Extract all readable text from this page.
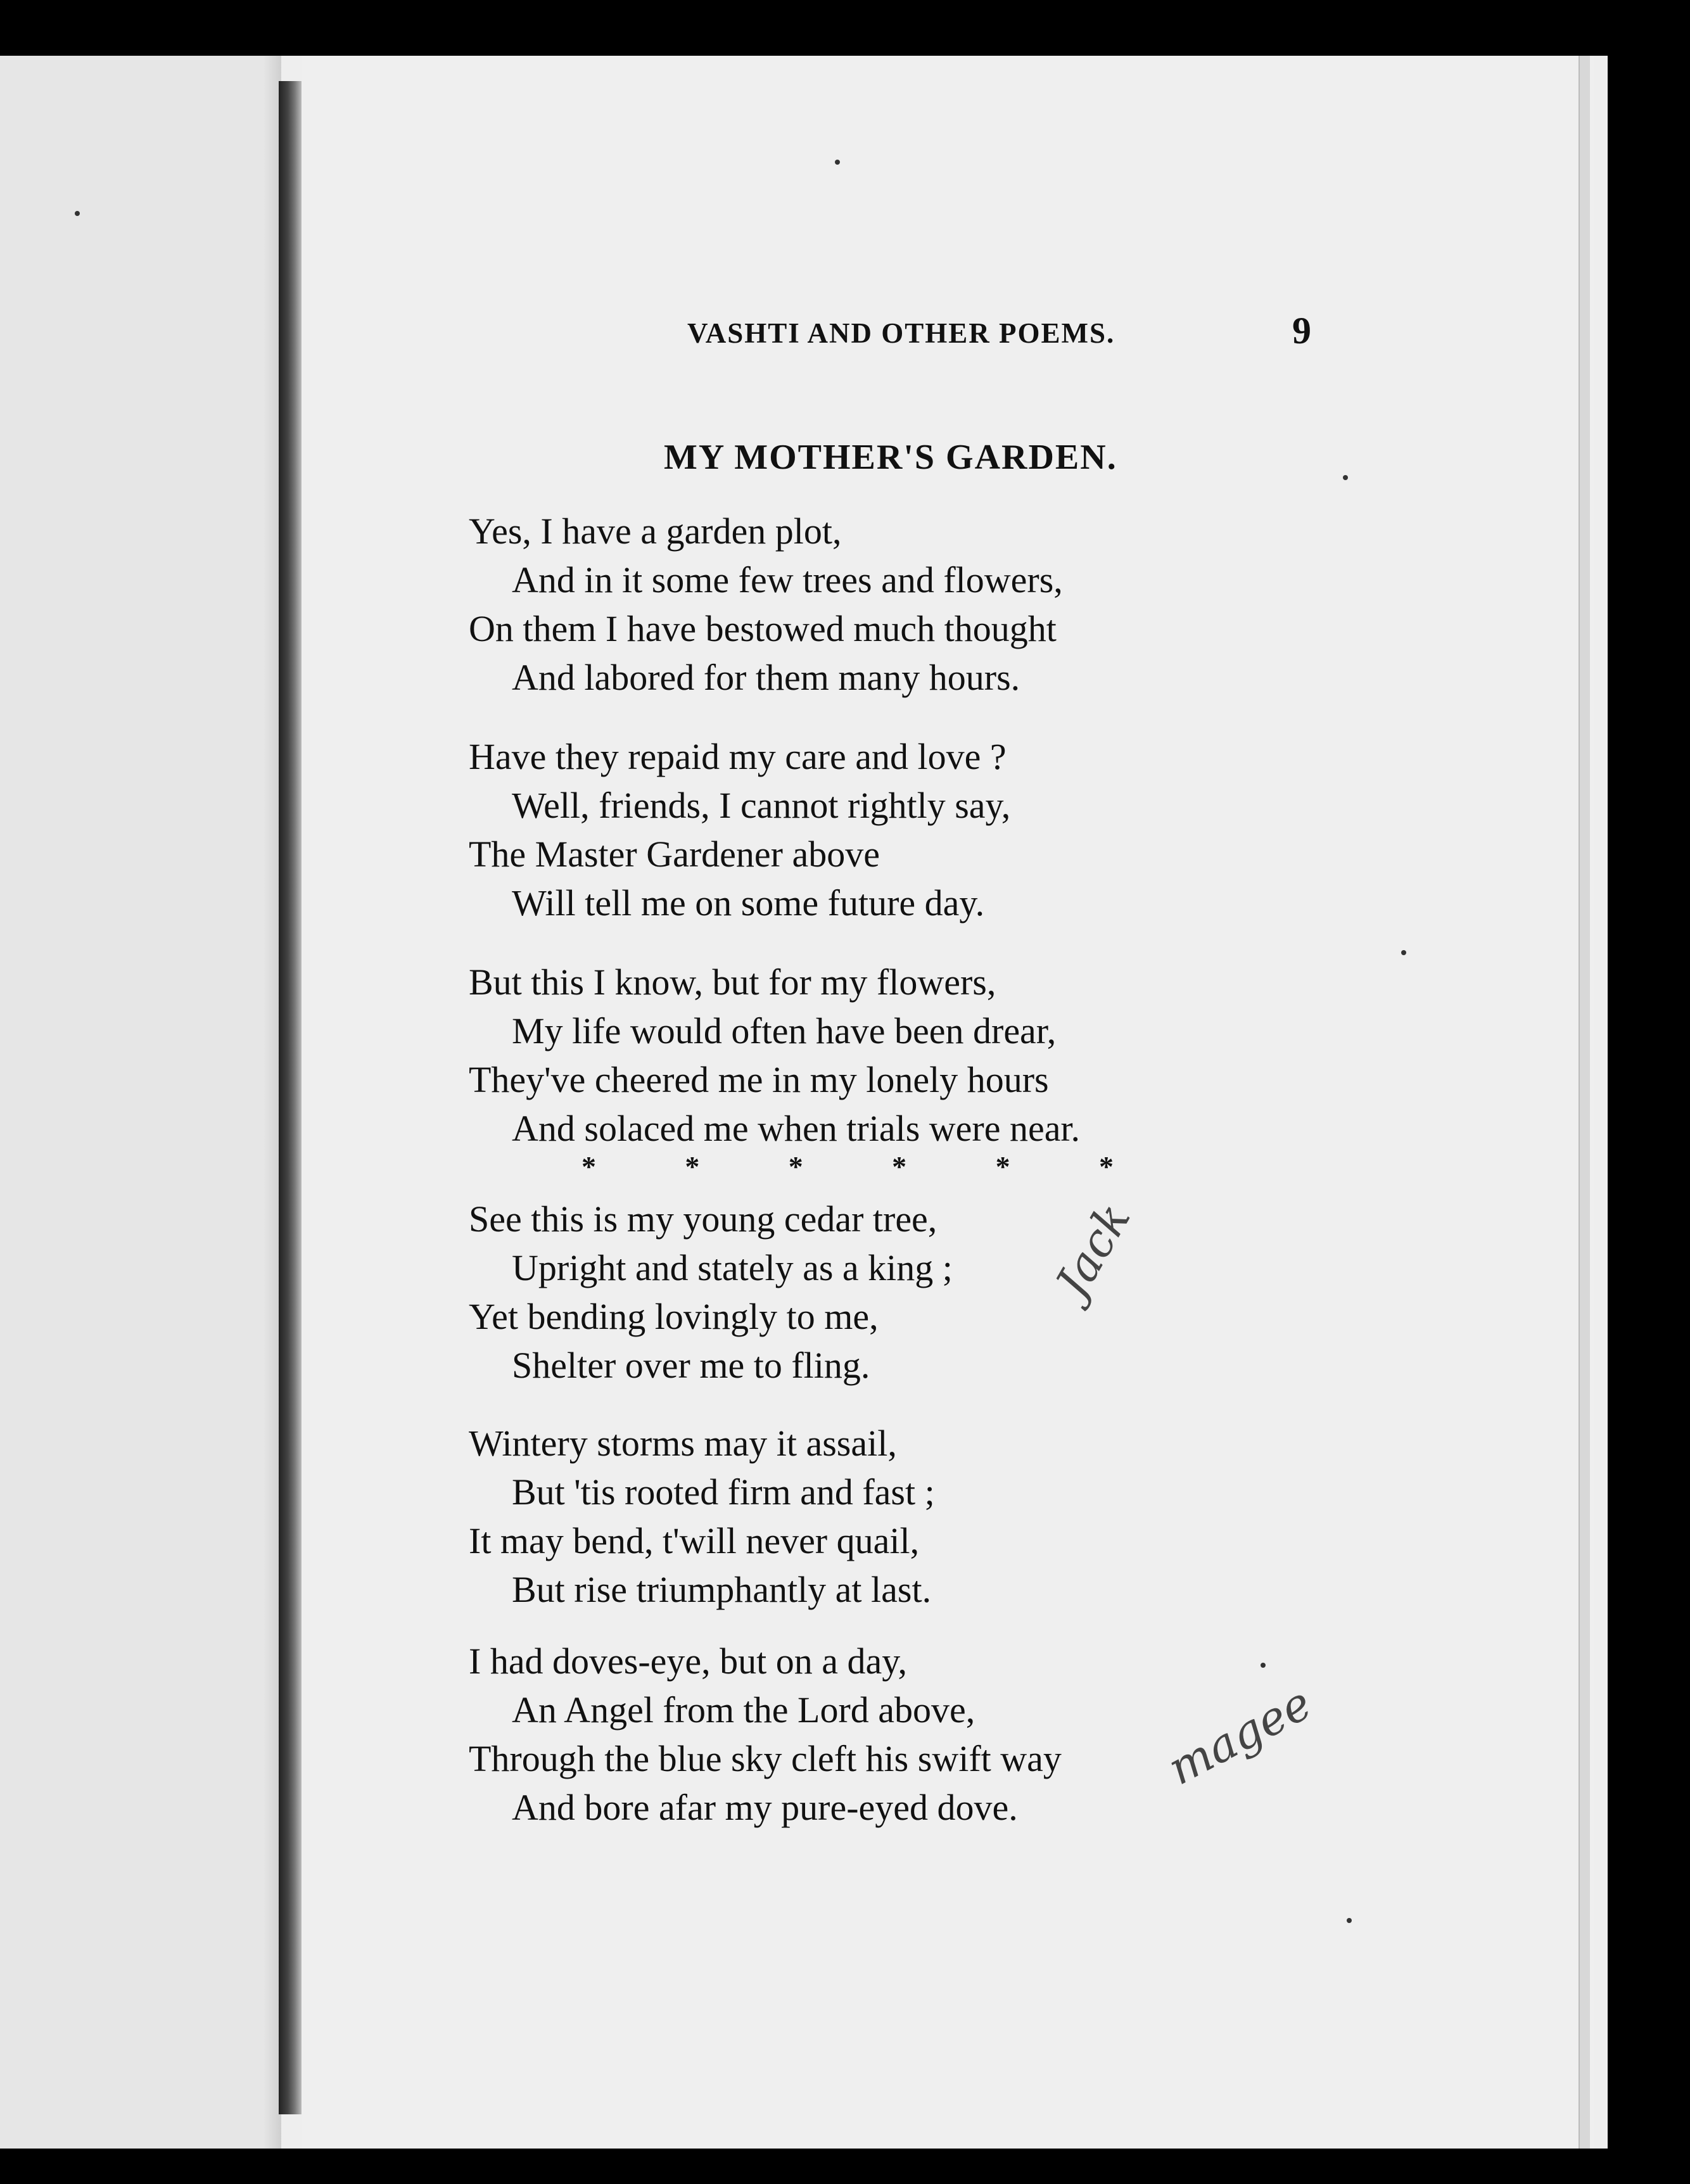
VASHTI AND OTHER POEMS.	9
MY MOTHER'S GARDEN.
Yes, I have a garden plot,
And in it some few trees and flowers,
On them I have bestowed much thought
And labored for them many hours.
Have they repaid my care and love ?
Well, friends, I cannot rightly say,
The Master Gardener above
Will tell me on some future day.
But this I know, but for my flowers,
My life would often have been drear,
They've cheered me in my lonely hours
And solaced me when trials were near.
*	*	*	*	*	*
See this is my young cedar tree,
Upright and stately as a king ;
Yet bending lovingly to me,
Shelter over me to fling.
Wintery storms may it assail,
But 'tis rooted firm and fast ;
It may bend, t'will never quail,
But rise triumphantly at last.
I had doves-eye, but on a day,
An Angel from the Lord above,
Through the blue sky cleft his swift way
And bore afar my pure-eyed dove.
Jack
magee
